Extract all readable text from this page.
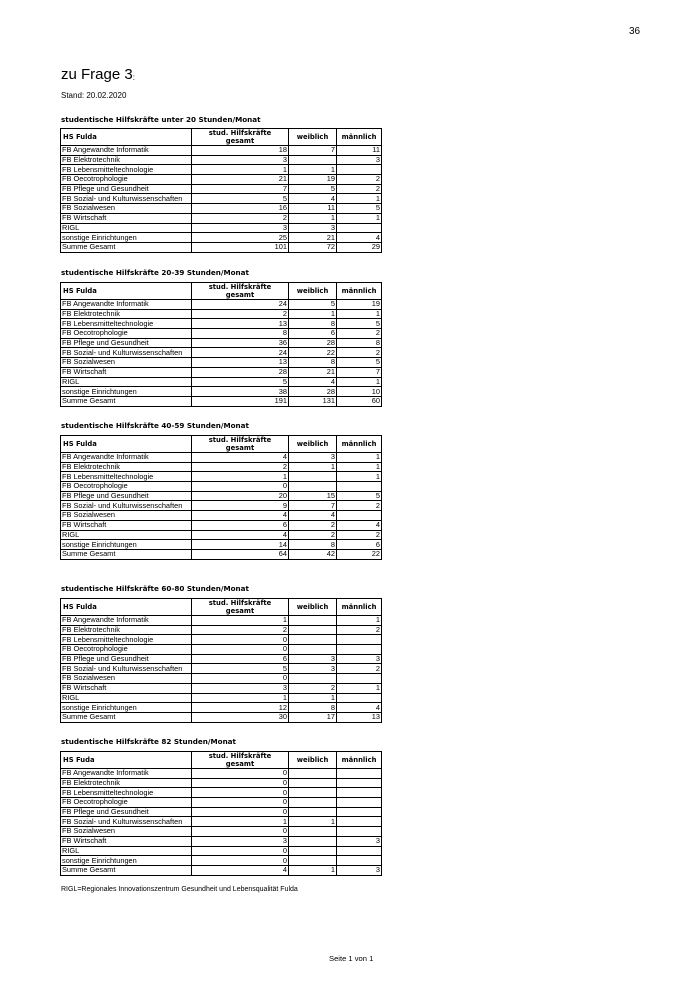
36
zu Frage 3:
Stand: 20.02.2020
studentische Hilfskräfte unter 20 Stunden/Monat
HS Fulda	stud. Hilfskräfte gesamt	weiblich	männlich
FB Angewandte Informatik	18	7	11
FB Elektrotechnik	3		3
FB Lebensmitteltechnologie	1	1	
FB Oecotrophologie	21	19	2
FB Pflege und Gesundheit	7	5	2
FB Sozial- und Kulturwissenschaften	5	4	1
FB Sozialwesen	16	11	5
FB Wirtschaft	2	1	1
RIGL	3	3	
sonstige Einrichtungen	25	21	4
Summe Gesamt	101	72	29
studentische Hilfskräfte 20-39 Stunden/Monat
HS Fulda	stud. Hilfskräfte gesamt	weiblich	männlich
FB Angewandte Informatik	24	5	19
FB Elektrotechnik	2	1	1
FB Lebensmitteltechnologie	13	8	5
FB Oecotrophologie	8	6	2
FB Pflege und Gesundheit	36	28	8
FB Sozial- und Kulturwissenschaften	24	22	2
FB Sozialwesen	13	8	5
FB Wirtschaft	28	21	7
RIGL	5	4	1
sonstige Einrichtungen	38	28	10
Summe Gesamt	191	131	60
studentische Hilfskräfte 40-59 Stunden/Monat
HS Fulda	stud. Hilfskräfte gesamt	weiblich	männlich
FB Angewandte Informatik	4	3	1
FB Elektrotechnik	2	1	1
FB Lebensmitteltechnologie	1		1
FB Oecotrophologie	0		
FB Pflege und Gesundheit	20	15	5
FB Sozial- und Kulturwissenschaften	9	7	2
FB Sozialwesen	4	4	
FB Wirtschaft	6	2	4
RIGL	4	2	2
sonstige Einrichtungen	14	8	6
Summe Gesamt	64	42	22
studentische Hilfskräfte 60-80 Stunden/Monat
HS Fulda	stud. Hilfskräfte gesamt	weiblich	männlich
FB Angewandte Informatik	1		1
FB Elektrotechnik	2		2
FB Lebensmitteltechnologie	0		
FB Oecotrophologie	0		
FB Pflege und Gesundheit	6	3	3
FB Sozial- und Kulturwissenschaften	5	3	2
FB Sozialwesen	0		
FB Wirtschaft	3	2	1
RIGL	1	1	
sonstige Einrichtungen	12	8	4
Summe Gesamt	30	17	13
studentische Hilfskräfte 82 Stunden/Monat
HS Fuda	stud. Hilfskräfte gesamt	weiblich	männlich
FB Angewandte Informatik	0		
FB Elektrotechnik	0		
FB Lebensmitteltechnologie	0		
FB Oecotrophologie	0		
FB Pflege und Gesundheit	0		
FB Sozial- und Kulturwissenschaften	1	1	
FB Sozialwesen	0		
FB Wirtschaft	3		3
RIGL	0		
sonstige Einrichtungen	0		
Summe Gesamt	4	1	3
RIGL=Regionales Innovationszentrum Gesundheit und Lebensqualität Fulda
Seite 1 von 1
